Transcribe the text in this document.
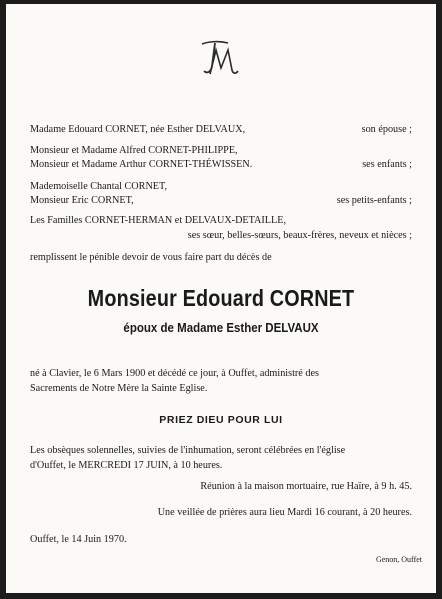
Madame Edouard CORNET, née Esther DELVAUX,	son épouse ;
Monsieur et Madame Alfred CORNET-PHILIPPE,
Monsieur et Madame Arthur CORNET-THÉWISSEN.	ses enfants ;
Mademoiselle Chantal CORNET,
Monsieur Eric CORNET,	ses petits-enfants ;
Les Familles CORNET-HERMAN et DELVAUX-DETAILLE,
ses sœur, belles-sœurs, beaux-frères, neveux et nièces ;
remplissent le pénible devoir de vous faire part du décès de
Monsieur Edouard CORNET
époux de Madame Esther DELVAUX
né à Clavier, le 6 Mars 1900 et décédé ce jour, à Ouffet, administré des
Sacrements de Notre Mère la Sainte Eglise.
PRIEZ DIEU POUR LUI
Les obsèques solennelles, suivies de l'inhumation, seront célébrées en l'église
d'Ouffet, le MERCREDI 17 JUIN, à 10 heures.
Réunion à la maison mortuaire, rue Haïre, à 9 h. 45.
Une veillée de prières aura lieu Mardi 16 courant, à 20 heures.
Ouffet, le 14 Juin 1970.
Genon, Ouffet
